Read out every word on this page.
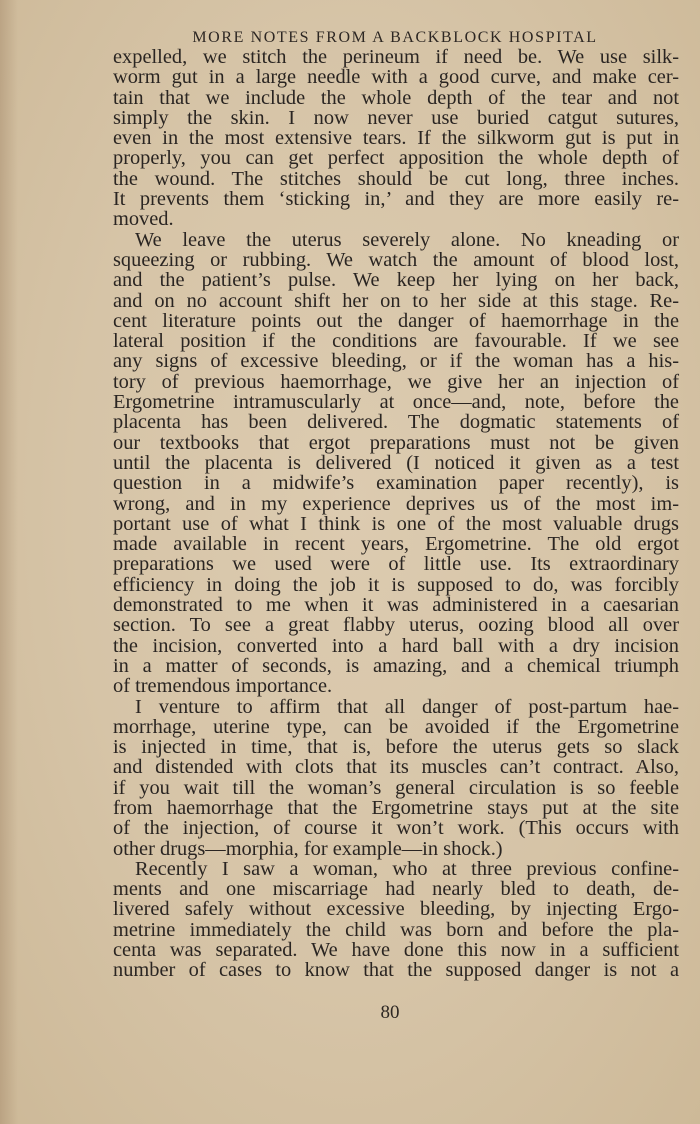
MORE NOTES FROM A BACKBLOCK HOSPITAL
expelled, we stitch the perineum if need be. We use silk-
worm gut in a large needle with a good curve, and make cer-
tain that we include the whole depth of the tear and not
simply the skin. I now never use buried catgut sutures,
even in the most extensive tears. If the silkworm gut is put in
properly, you can get perfect apposition the whole depth of
the wound. The stitches should be cut long, three inches.
It prevents them ‘sticking in,’ and they are more easily re-
moved.
We leave the uterus severely alone. No kneading or
squeezing or rubbing. We watch the amount of blood lost,
and the patient’s pulse. We keep her lying on her back,
and on no account shift her on to her side at this stage. Re-
cent literature points out the danger of haemorrhage in the
lateral position if the conditions are favourable. If we see
any signs of excessive bleeding, or if the woman has a his-
tory of previous haemorrhage, we give her an injection of
Ergometrine intramuscularly at once—and, note, before the
placenta has been delivered. The dogmatic statements of
our textbooks that ergot preparations must not be given
until the placenta is delivered (I noticed it given as a test
question in a midwife’s examination paper recently), is
wrong, and in my experience deprives us of the most im-
portant use of what I think is one of the most valuable drugs
made available in recent years, Ergometrine. The old ergot
preparations we used were of little use. Its extraordinary
efficiency in doing the job it is supposed to do, was forcibly
demonstrated to me when it was administered in a caesarian
section. To see a great flabby uterus, oozing blood all over
the incision, converted into a hard ball with a dry incision
in a matter of seconds, is amazing, and a chemical triumph
of tremendous importance.
I venture to affirm that all danger of post-partum hae-
morrhage, uterine type, can be avoided if the Ergometrine
is injected in time, that is, before the uterus gets so slack
and distended with clots that its muscles can’t contract. Also,
if you wait till the woman’s general circulation is so feeble
from haemorrhage that the Ergometrine stays put at the site
of the injection, of course it won’t work. (This occurs with
other drugs—morphia, for example—in shock.)
Recently I saw a woman, who at three previous confine-
ments and one miscarriage had nearly bled to death, de-
livered safely without excessive bleeding, by injecting Ergo-
metrine immediately the child was born and before the pla-
centa was separated. We have done this now in a sufficient
number of cases to know that the supposed danger is not a
80
